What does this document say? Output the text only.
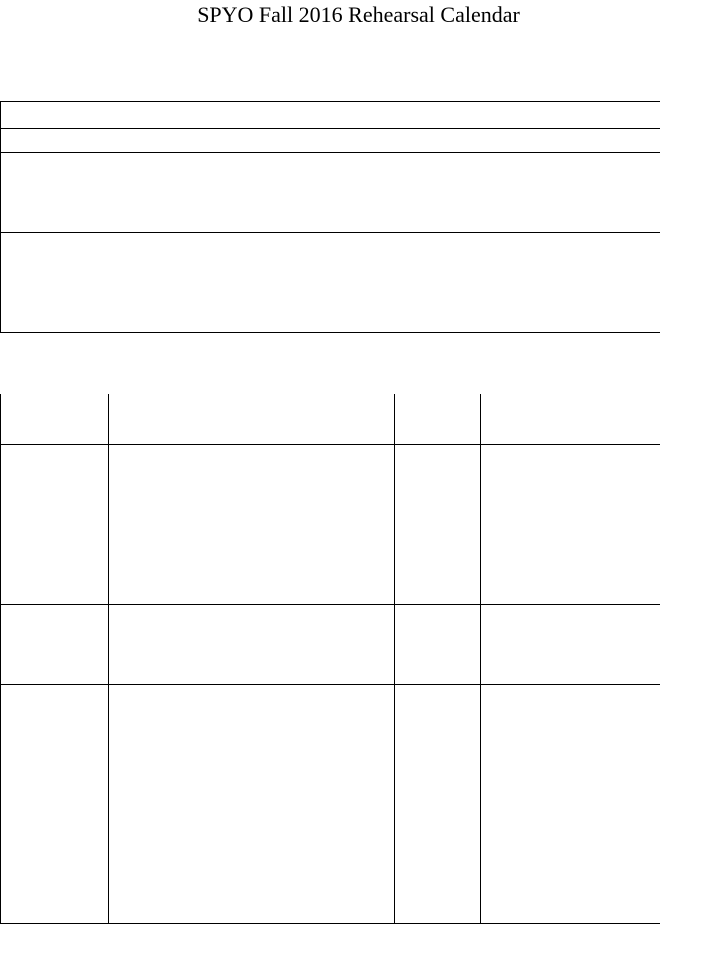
SPYO Fall 2016 Rehearsal Calendar
